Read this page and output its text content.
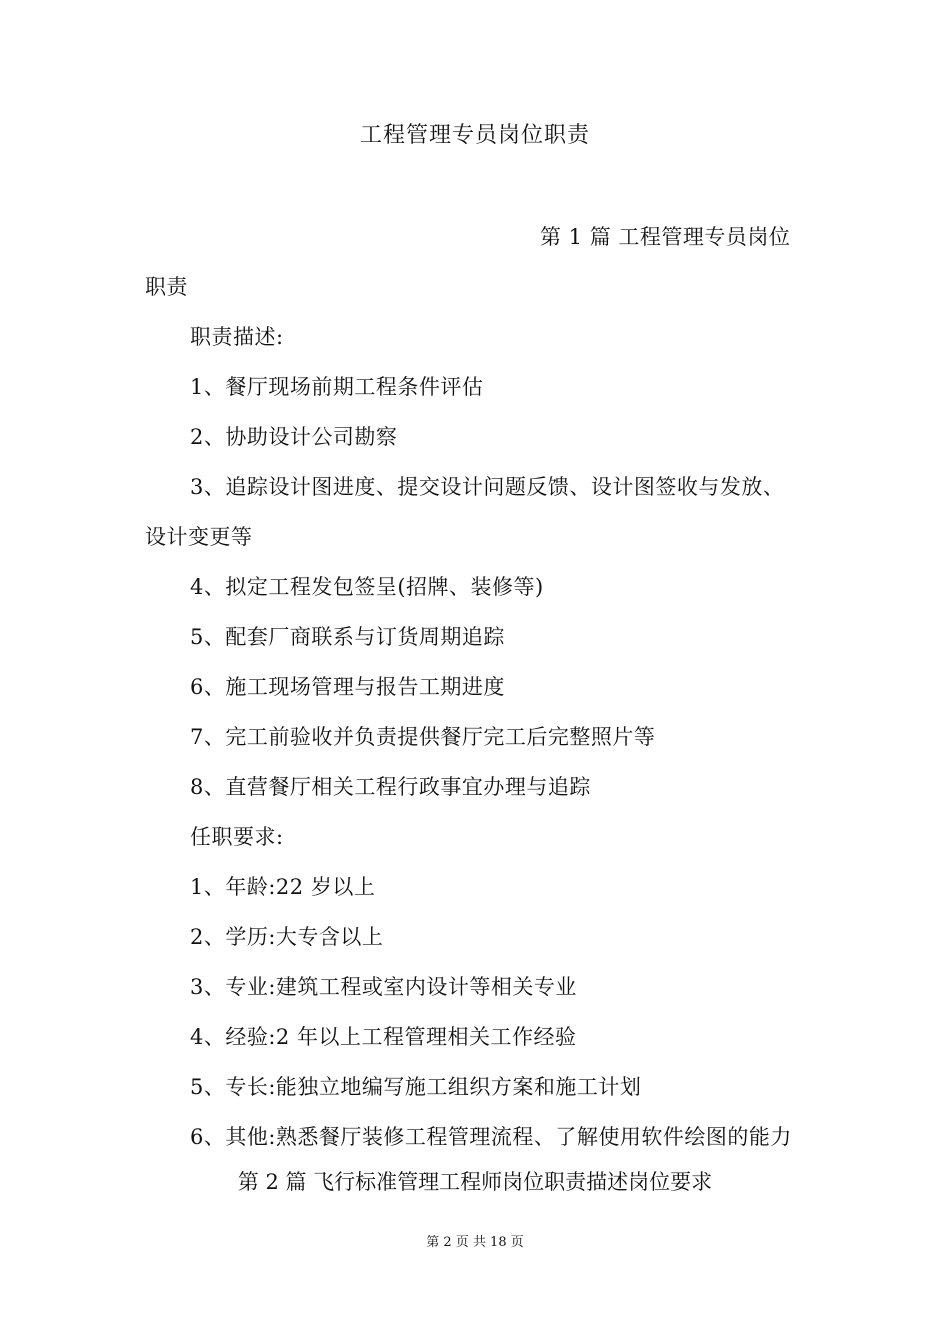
工程管理专员岗位职责
第 1 篇 工程管理专员岗位
职责
职责描述:
1、餐厅现场前期工程条件评估
2、协助设计公司勘察
3、追踪设计图进度、提交设计问题反馈、设计图签收与发放、
设计变更等
4、拟定工程发包签呈(招牌、装修等)
5、配套厂商联系与订货周期追踪
6、施工现场管理与报告工期进度
7、完工前验收并负责提供餐厅完工后完整照片等
8、直营餐厅相关工程行政事宜办理与追踪
任职要求:
1、年龄:22 岁以上
2、学历:大专含以上
3、专业:建筑工程或室内设计等相关专业
4、经验:2 年以上工程管理相关工作经验
5、专长:能独立地编写施工组织方案和施工计划
6、其他:熟悉餐厅装修工程管理流程、了解使用软件绘图的能力
第 2 篇 飞行标准管理工程师岗位职责描述岗位要求
第 2 页 共 18 页
